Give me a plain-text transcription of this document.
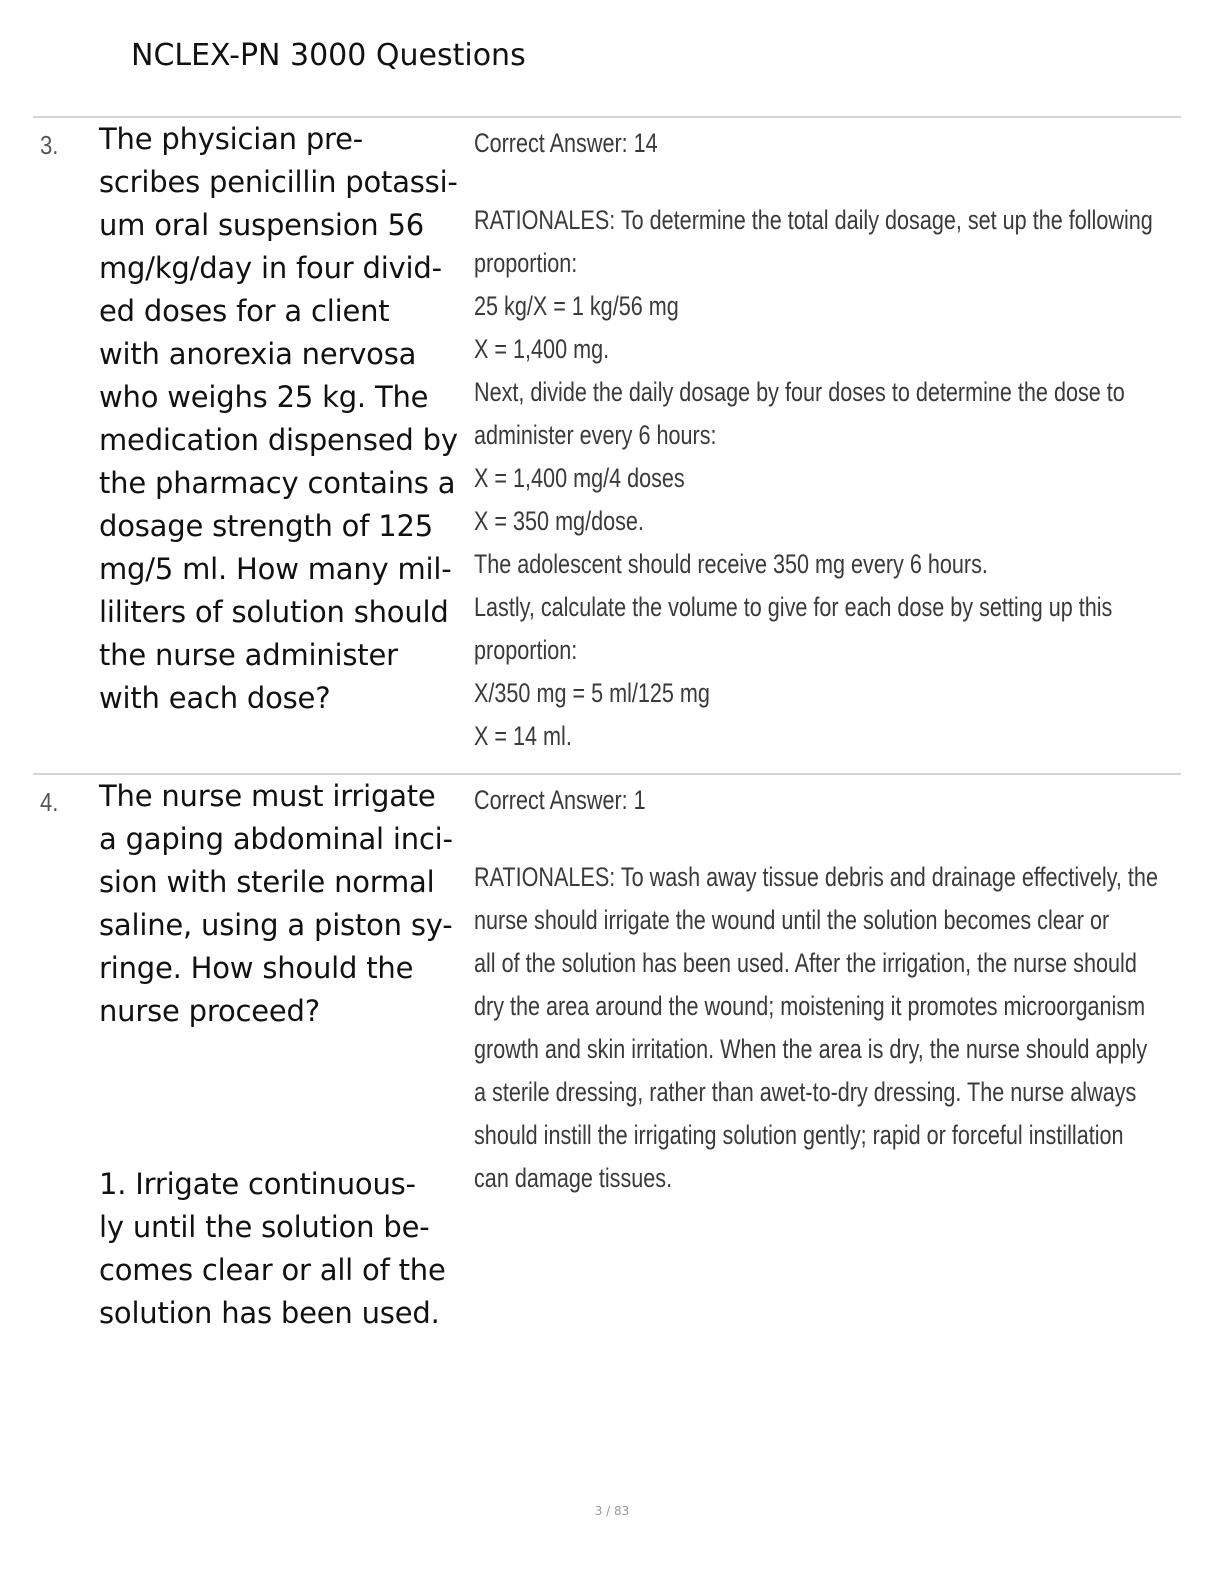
NCLEX-PN 3000 Questions
3. The physician pre-
scribes penicillin potassi-
um oral suspension 56
mg/kg/day in four divid-
ed doses for a client
with anorexia nervosa
who weighs 25 kg. The
medication dispensed by
the pharmacy contains a
dosage strength of 125
mg/5 ml. How many mil-
liliters of solution should
the nurse administer
with each dose?
Correct Answer: 14
RATIONALES: To determine the total daily dosage, set up the following
proportion:
25 kg/X = 1 kg/56 mg
X = 1,400 mg.
Next, divide the daily dosage by four doses to determine the dose to
administer every 6 hours:
X = 1,400 mg/4 doses
X = 350 mg/dose.
The adolescent should receive 350 mg every 6 hours.
Lastly, calculate the volume to give for each dose by setting up this
proportion:
X/350 mg = 5 ml/125 mg
X = 14 ml.
4. The nurse must irrigate
a gaping abdominal inci-
sion with sterile normal
saline, using a piston sy-
ringe. How should the
nurse proceed?
1. Irrigate continuous-
ly until the solution be-
comes clear or all of the
solution has been used.
Correct Answer: 1
RATIONALES: To wash away tissue debris and drainage effectively, the
nurse should irrigate the wound until the solution becomes clear or
all of the solution has been used. After the irrigation, the nurse should
dry the area around the wound; moistening it promotes microorganism
growth and skin irritation. When the area is dry, the nurse should apply
a sterile dressing, rather than awet-to-dry dressing. The nurse always
should instill the irrigating solution gently; rapid or forceful instillation
can damage tissues.
3 / 83
